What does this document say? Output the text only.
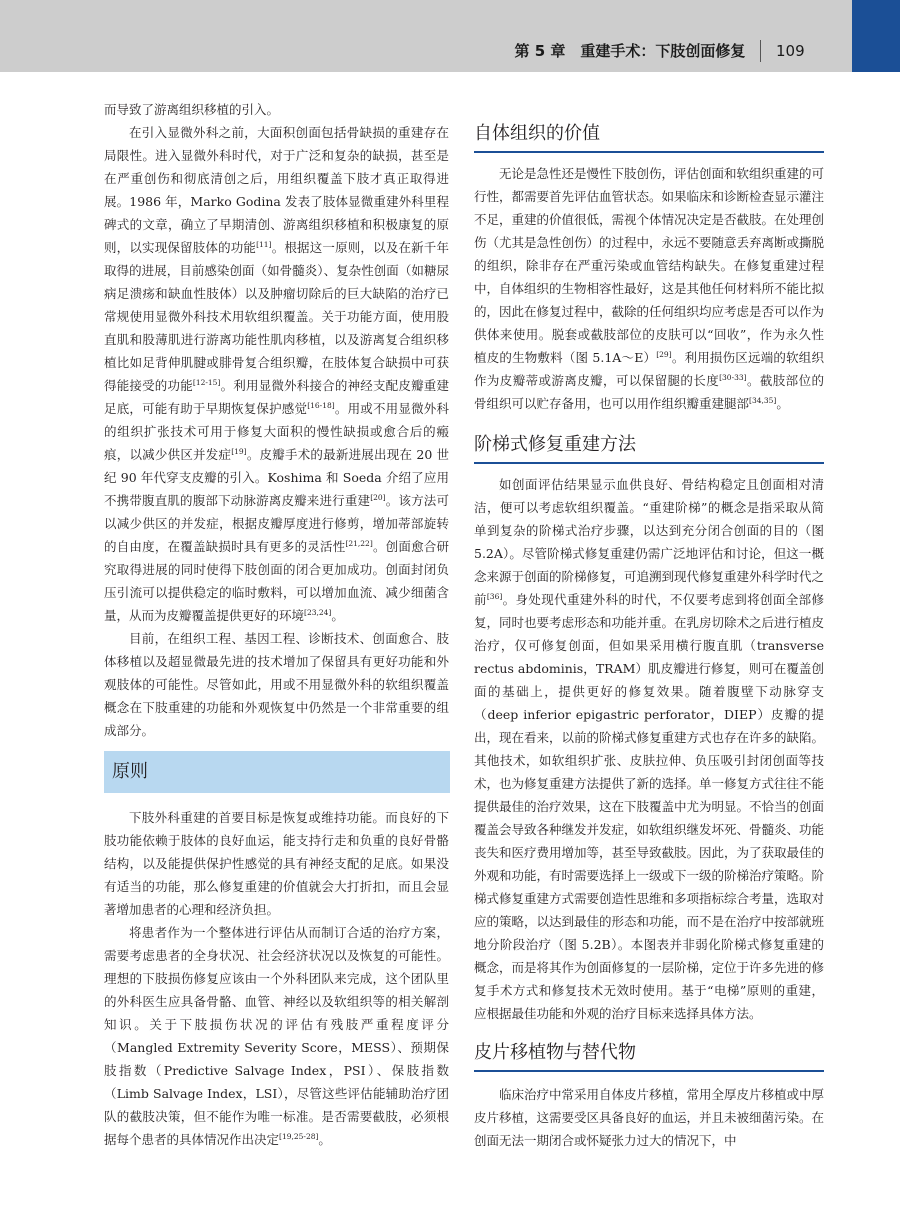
第 5 章　重建手术：下肢创面修复	109

而导致了游离组织移植的引入。

在引入显微外科之前，大面积创面包括骨缺损的重建存在局限性。进入显微外科时代，对于广泛和复杂的缺损，甚至是在严重创伤和彻底清创之后，用组织覆盖下肢才真正取得进展。1986 年，Marko Godina 发表了肢体显微重建外科里程碑式的文章，确立了早期清创、游离组织移植和积极康复的原则，以实现保留肢体的功能[11]。根据这一原则，以及在新千年取得的进展，目前感染创面（如骨髓炎）、复杂性创面（如糖尿病足溃疡和缺血性肢体）以及肿瘤切除后的巨大缺陷的治疗已常规使用显微外科技术用软组织覆盖。关于功能方面，使用股直肌和股薄肌进行游离功能性肌肉移植，以及游离复合组织移植比如足背伸肌腱或腓骨复合组织瓣，在肢体复合缺损中可获得能接受的功能[12-15]。利用显微外科接合的神经支配皮瓣重建足底，可能有助于早期恢复保护感觉[16-18]。用或不用显微外科的组织扩张技术可用于修复大面积的慢性缺损或愈合后的瘢痕，以减少供区并发症[19]。皮瓣手术的最新进展出现在 20 世纪 90 年代穿支皮瓣的引入。Koshima 和 Soeda 介绍了应用不携带腹直肌的腹部下动脉游离皮瓣来进行重建[20]。该方法可以减少供区的并发症，根据皮瓣厚度进行修剪，增加蒂部旋转的自由度，在覆盖缺损时具有更多的灵活性[21,22]。创面愈合研究取得进展的同时使得下肢创面的闭合更加成功。创面封闭负压引流可以提供稳定的临时敷料，可以增加血流、减少细菌含量，从而为皮瓣覆盖提供更好的环境[23,24]。

目前，在组织工程、基因工程、诊断技术、创面愈合、肢体移植以及超显微最先进的技术增加了保留具有更好功能和外观肢体的可能性。尽管如此，用或不用显微外科的软组织覆盖概念在下肢重建的功能和外观恢复中仍然是一个非常重要的组成部分。

原则

下肢外科重建的首要目标是恢复或维持功能。而良好的下肢功能依赖于肢体的良好血运，能支持行走和负重的良好骨骼结构，以及能提供保护性感觉的具有神经支配的足底。如果没有适当的功能，那么修复重建的价值就会大打折扣，而且会显著增加患者的心理和经济负担。

将患者作为一个整体进行评估从而制订合适的治疗方案，需要考虑患者的全身状况、社会经济状况以及恢复的可能性。理想的下肢损伤修复应该由一个外科团队来完成，这个团队里的外科医生应具备骨骼、血管、神经以及软组织等的相关解剖知识。关于下肢损伤状况的评估有残肢严重程度评分（Mangled Extremity Severity Score，MESS）、预期保肢指数（Predictive Salvage Index，PSI）、保肢指数（Limb Salvage Index，LSI），尽管这些评估能辅助治疗团队的截肢决策，但不能作为唯一标准。是否需要截肢，必须根据每个患者的具体情况作出决定[19,25-28]。

自体组织的价值

无论是急性还是慢性下肢创伤，评估创面和软组织重建的可行性，都需要首先评估血管状态。如果临床和诊断检查显示灌注不足，重建的价值很低，需视个体情况决定是否截肢。在处理创伤（尤其是急性创伤）的过程中，永远不要随意丢弃离断或撕脱的组织，除非存在严重污染或血管结构缺失。在修复重建过程中，自体组织的生物相容性最好，这是其他任何材料所不能比拟的，因此在修复过程中，截除的任何组织均应考虑是否可以作为供体来使用。脱套或截肢部位的皮肤可以“回收”，作为永久性植皮的生物敷料（图 5.1A～E）[29]。利用损伤区远端的软组织作为皮瓣蒂或游离皮瓣，可以保留腿的长度[30-33]。截肢部位的骨组织可以贮存备用，也可以用作组织瓣重建腿部[34,35]。

阶梯式修复重建方法

如创面评估结果显示血供良好、骨结构稳定且创面相对清洁，便可以考虑软组织覆盖。“重建阶梯”的概念是指采取从简单到复杂的阶梯式治疗步骤，以达到充分闭合创面的目的（图 5.2A）。尽管阶梯式修复重建仍需广泛地评估和讨论，但这一概念来源于创面的阶梯修复，可追溯到现代修复重建外科学时代之前[36]。身处现代重建外科的时代，不仅要考虑到将创面全部修复，同时也要考虑形态和功能并重。在乳房切除术之后进行植皮治疗，仅可修复创面，但如果采用横行腹直肌（transverse rectus abdominis，TRAM）肌皮瓣进行修复，则可在覆盖创面的基础上，提供更好的修复效果。随着腹壁下动脉穿支（deep inferior epigastric perforator，DIEP）皮瓣的提出，现在看来，以前的阶梯式修复重建方式也存在许多的缺陷。其他技术，如软组织扩张、皮肤拉伸、负压吸引封闭创面等技术，也为修复重建方法提供了新的选择。单一修复方式往往不能提供最佳的治疗效果，这在下肢覆盖中尤为明显。不恰当的创面覆盖会导致各种继发并发症，如软组织继发坏死、骨髓炎、功能丧失和医疗费用增加等，甚至导致截肢。因此，为了获取最佳的外观和功能，有时需要选择上一级或下一级的阶梯治疗策略。阶梯式修复重建方式需要创造性思维和多项指标综合考量，选取对应的策略，以达到最佳的形态和功能，而不是在治疗中按部就班地分阶段治疗（图 5.2B）。本图表并非弱化阶梯式修复重建的概念，而是将其作为创面修复的一层阶梯，定位于许多先进的修复手术方式和修复技术无效时使用。基于“电梯”原则的重建，应根据最佳功能和外观的治疗目标来选择具体方法。

皮片移植物与替代物

临床治疗中常采用自体皮片移植，常用全厚皮片移植或中厚皮片移植，这需要受区具备良好的血运，并且未被细菌污染。在创面无法一期闭合或怀疑张力过大的情况下，中
